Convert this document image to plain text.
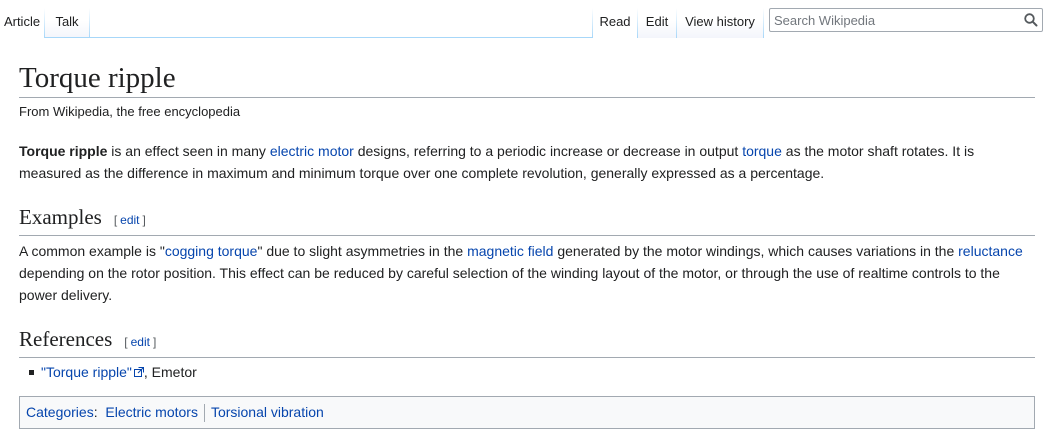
Article	Talk	Read	Edit	View history
Search Wikipedia
Torque ripple
From Wikipedia, the free encyclopedia

Torque ripple is an effect seen in many electric motor designs, referring to a periodic increase or decrease in output torque as the motor shaft rotates. It is measured as the difference in maximum and minimum torque over one complete revolution, generally expressed as a percentage.

Examples [ edit ]

A common example is "cogging torque" due to slight asymmetries in the magnetic field generated by the motor windings, which causes variations in the reluctance depending on the rotor position. This effect can be reduced by careful selection of the winding layout of the motor, or through the use of realtime controls to the power delivery.

References [ edit ]
"Torque ripple" , Emetor
Categories: Electric motors Torsional vibration
